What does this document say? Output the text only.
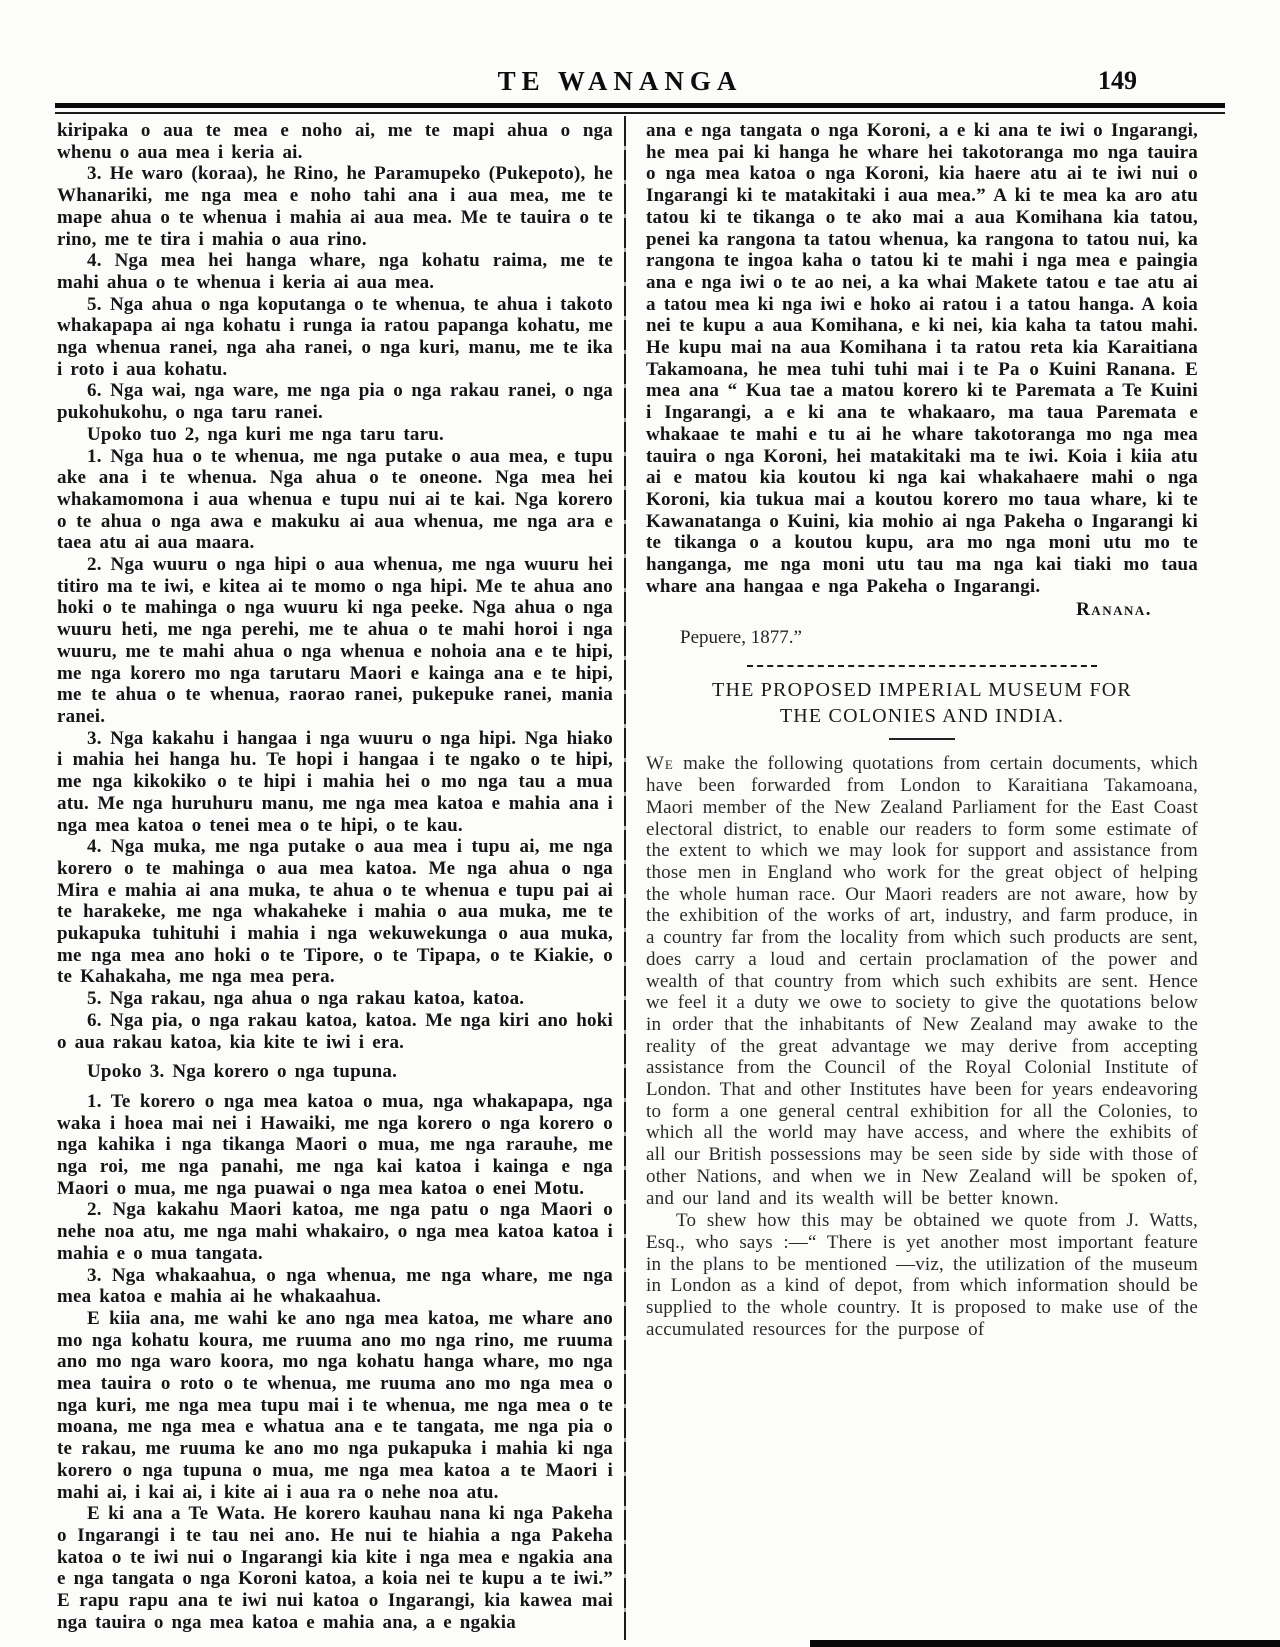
TE WANANGA	149

kiripaka o aua te mea e noho ai, me te mapi ahua o nga whenu o aua mea i keria ai.

3. He waro (koraa), he Rino, he Paramupeko (Pukepoto), he Whanariki, me nga mea e noho tahi ana i aua mea, me te mape ahua o te whenua i mahia ai aua mea. Me te tauira o te rino, me te tira i mahia o aua rino.

4. Nga mea hei hanga whare, nga kohatu raima, me te mahi ahua o te whenua i keria ai aua mea.

5. Nga ahua o nga koputanga o te whenua, te ahua i takoto whakapapa ai nga kohatu i runga ia ratou papanga kohatu, me nga whenua ranei, nga aha ranei, o nga kuri, manu, me te ika i roto i aua kohatu.

6. Nga wai, nga ware, me nga pia o nga rakau ranei, o nga pukohukohu, o nga taru ranei.

Upoko tuo 2, nga kuri me nga taru taru.

1. Nga hua o te whenua, me nga putake o aua mea, e tupu ake ana i te whenua. Nga ahua o te oneone. Nga mea hei whakamomona i aua whenua e tupu nui ai te kai. Nga korero o te ahua o nga awa e makuku ai aua whenua, me nga ara e taea atu ai aua maara.

2. Nga wuuru o nga hipi o aua whenua, me nga wuuru hei titiro ma te iwi, e kitea ai te momo o nga hipi. Me te ahua ano hoki o te mahinga o nga wuuru ki nga peeke. Nga ahua o nga wuuru heti, me nga perehi, me te ahua o te mahi horoi i nga wuuru, me te mahi ahua o nga whenua e nohoia ana e te hipi, me nga korero mo nga tarutaru Maori e kainga ana e te hipi, me te ahua o te whenua, raorao ranei, pukepuke ranei, mania ranei.

3. Nga kakahu i hangaa i nga wuuru o nga hipi. Nga hiako i mahia hei hanga hu. Te hopi i hangaa i te ngako o te hipi, me nga kikokiko o te hipi i mahia hei o mo nga tau a mua atu. Me nga huruhuru manu, me nga mea katoa e mahia ana i nga mea katoa o tenei mea o te hipi, o te kau.

4. Nga muka, me nga putake o aua mea i tupu ai, me nga korero o te mahinga o aua mea katoa. Me nga ahua o nga Mira e mahia ai ana muka, te ahua o te whenua e tupu pai ai te harakeke, me nga whakaheke i mahia o aua muka, me te pukapuka tuhituhi i mahia i nga wekuwekunga o aua muka, me nga mea ano hoki o te Tipore, o te Tipapa, o te Kiakie, o te Kahakaha, me nga mea pera.

5. Nga rakau, nga ahua o nga rakau katoa, katoa.

6. Nga pia, o nga rakau katoa, katoa. Me nga kiri ano hoki o aua rakau katoa, kia kite te iwi i era.

Upoko 3. Nga korero o nga tupuna.

1. Te korero o nga mea katoa o mua, nga whakapapa, nga waka i hoea mai nei i Hawaiki, me nga korero o nga korero o nga kahika i nga tikanga Maori o mua, me nga rarauhe, me nga roi, me nga panahi, me nga kai katoa i kainga e nga Maori o mua, me nga puawai o nga mea katoa o enei Motu.

2. Nga kakahu Maori katoa, me nga patu o nga Maori o nehe noa atu, me nga mahi whakairo, o nga mea katoa katoa i mahia e o mua tangata.

3. Nga whakaahua, o nga whenua, me nga whare, me nga mea katoa e mahia ai he whakaahua.

E kiia ana, me wahi ke ano nga mea katoa, me whare ano mo nga kohatu koura, me ruuma ano mo nga rino, me ruuma ano mo nga waro koora, mo nga kohatu hanga whare, mo nga mea tauira o roto o te whenua, me ruuma ano mo nga mea o nga kuri, me nga mea tupu mai i te whenua, me nga mea o te moana, me nga mea e whatua ana e te tangata, me nga pia o te rakau, me ruuma ke ano mo nga pukapuka i mahia ki nga korero o nga tupuna o mua, me nga mea katoa a te Maori i mahi ai, i kai ai, i kite ai i aua ra o nehe noa atu.

E ki ana a Te Wata. He korero kauhau nana ki nga Pakeha o Ingarangi i te tau nei ano. He nui te hiahia a nga Pakeha katoa o te iwi nui o Ingarangi kia kite i nga mea e ngakia ana e nga tangata o nga Koroni katoa, a koia nei te kupu a te iwi.” E rapu rapu ana te iwi nui katoa o Ingarangi, kia kawea mai nga tauira o nga mea katoa e mahia ana, a e ngakia

ana e nga tangata o nga Koroni, a e ki ana te iwi o Ingarangi, he mea pai ki hanga he whare hei takotoranga mo nga tauira o nga mea katoa o nga Koroni, kia haere atu ai te iwi nui o Ingarangi ki te matakitaki i aua mea.” A ki te mea ka aro atu tatou ki te tikanga o te ako mai a aua Komihana kia tatou, penei ka rangona ta tatou whenua, ka rangona to tatou nui, ka rangona te ingoa kaha o tatou ki te mahi i nga mea e paingia ana e nga iwi o te ao nei, a ka whai Makete tatou e tae atu ai a tatou mea ki nga iwi e hoko ai ratou i a tatou hanga. A koia nei te kupu a aua Komihana, e ki nei, kia kaha ta tatou mahi. He kupu mai na aua Komihana i ta ratou reta kia Karaitiana Takamoana, he mea tuhi tuhi mai i te Pa o Kuini Ranana. E mea ana “ Kua tae a matou korero ki te Paremata a Te Kuini i Ingarangi, a e ki ana te whakaaro, ma taua Paremata e whakaae te mahi e tu ai he whare takotoranga mo nga mea tauira o nga Koroni, hei matakitaki ma te iwi. Koia i kiia atu ai e matou kia koutou ki nga kai whakahaere mahi o nga Koroni, kia tukua mai a koutou korero mo taua whare, ki te Kawanatanga o Kuini, kia mohio ai nga Pakeha o Ingarangi ki te tikanga o a koutou kupu, ara mo nga moni utu mo te hanganga, me nga moni utu tau ma nga kai tiaki mo taua whare ana hangaa e nga Pakeha o Ingarangi.

Ranana.
Pepuere, 1877.”
THE PROPOSED IMPERIAL MUSEUM FOR
THE COLONIES AND INDIA.

We make the following quotations from certain documents, which have been forwarded from London to Karaitiana Takamoana, Maori member of the New Zealand Parliament for the East Coast electoral district, to enable our readers to form some estimate of the extent to which we may look for support and assistance from those men in England who work for the great object of helping the whole human race. Our Maori readers are not aware, how by the exhibition of the works of art, industry, and farm produce, in a country far from the locality from which such products are sent, does carry a loud and certain proclamation of the power and wealth of that country from which such exhibits are sent. Hence we feel it a duty we owe to society to give the quotations below in order that the inhabitants of New Zealand may awake to the reality of the great advantage we may derive from accepting assistance from the Council of the Royal Colonial Institute of London. That and other Institutes have been for years endeavoring to form a one general central exhibition for all the Colonies, to which all the world may have access, and where the exhibits of all our British possessions may be seen side by side with those of other Nations, and when we in New Zealand will be spoken of, and our land and its wealth will be better known.

To shew how this may be obtained we quote from J. Watts, Esq., who says :—“ There is yet another most important feature in the plans to be mentioned —viz, the utilization of the museum in London as a kind of depot, from which information should be supplied to the whole country. It is proposed to make use of the accumulated resources for the purpose of
